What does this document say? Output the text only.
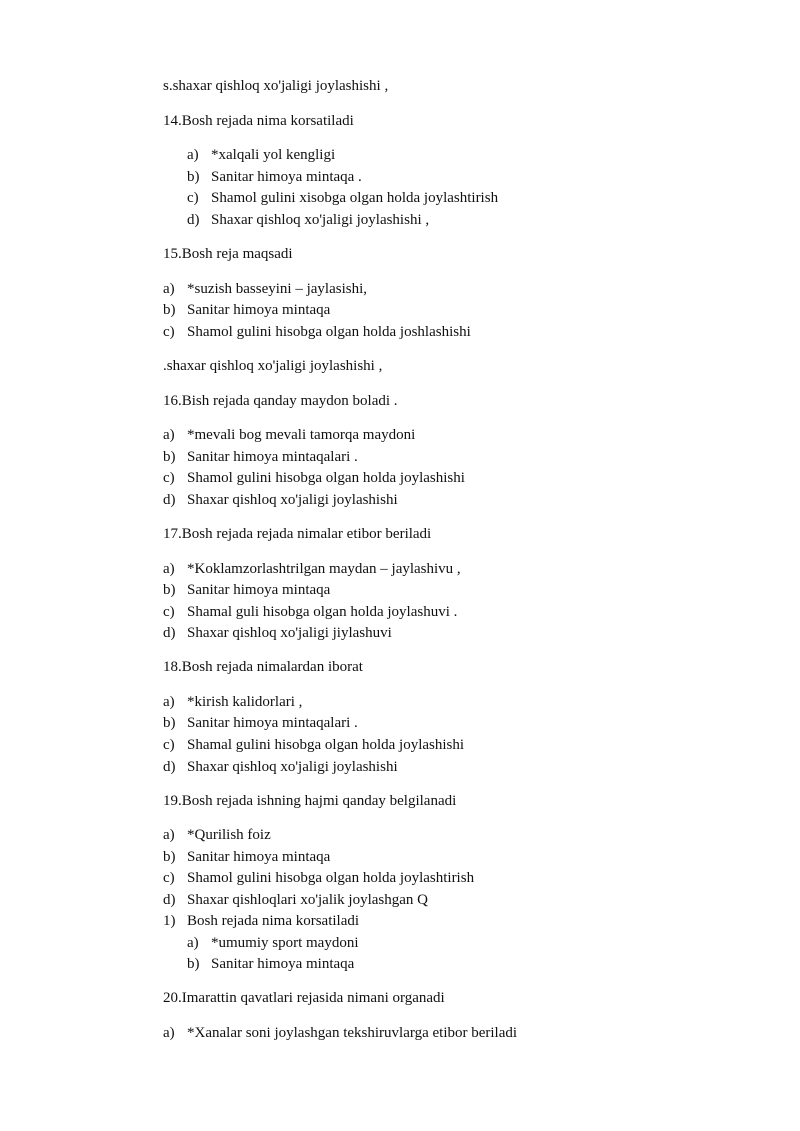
s.shaxar qishloq xo'jaligi joylashishi ,
14.Bosh rejada nima korsatiladi
a) *xalqali yol kengligi
b) Sanitar himoya mintaqa .
c) Shamol gulini xisobga olgan holda joylashtirish
d) Shaxar qishloq xo'jaligi joylashishi ,
15.Bosh reja maqsadi
a) *suzish basseyini – jaylasishi,
b) Sanitar himoya mintaqa
c) Shamol gulini hisobga olgan holda joshlashishi
.shaxar qishloq xo'jaligi joylashishi ,
16.Bish rejada qanday maydon boladi .
a) *mevali bog mevali tamorqa maydoni
b) Sanitar himoya mintaqalari .
c) Shamol gulini hisobga olgan holda joylashishi
d) Shaxar qishloq xo'jaligi joylashishi
17.Bosh rejada rejada nimalar etibor beriladi
a) *Koklamzorlashtrilgan maydan – jaylashivu ,
b) Sanitar himoya mintaqa
c) Shamal guli hisobga olgan holda joylashuvi .
d) Shaxar qishloq xo'jaligi jiylashuvi
18.Bosh rejada nimalardan iborat
a) *kirish kalidorlari ,
b) Sanitar himoya mintaqalari .
c) Shamal gulini hisobga olgan holda joylashishi
d) Shaxar qishloq xo'jaligi joylashishi
19.Bosh rejada ishning hajmi qanday belgilanadi
a) *Qurilish foiz
b) Sanitar himoya mintaqa
c) Shamol gulini hisobga olgan holda joylashtirish
d) Shaxar qishloqlari xo'jalik joylashgan Q
1) Bosh rejada nima korsatiladi
a) *umumiy sport maydoni
b) Sanitar himoya mintaqa
20.Imarattin qavatlari rejasida nimani organadi
a) *Xanalar soni joylashgan tekshiruvlarga etibor beriladi
